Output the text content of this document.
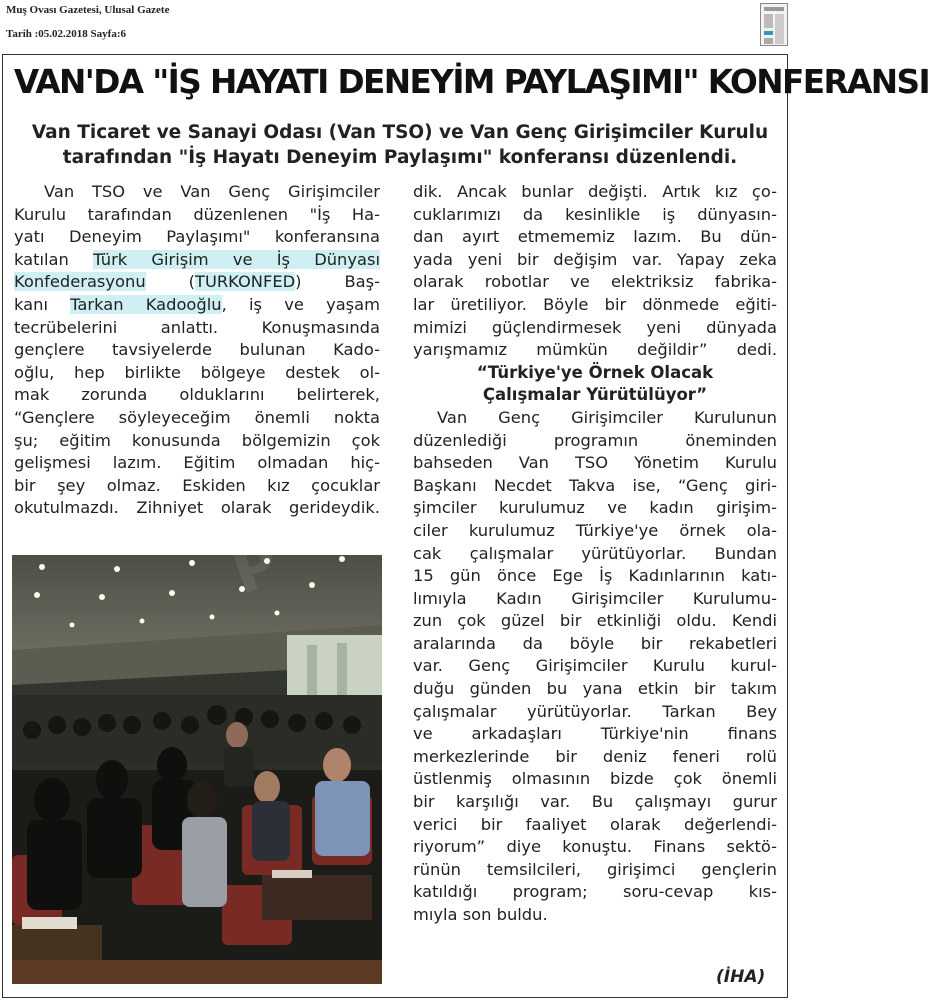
Muş Ovası Gazetesi, Ulusal Gazete
Tarih :05.02.2018 Sayfa:6
VAN'DA "İŞ HAYATI DENEYİM PAYLAŞIMI" KONFERANSI
Van Ticaret ve Sanayi Odası (Van TSO) ve Van Genç Girişimciler Kurulu
tarafından "İş Hayatı Deneyim Paylaşımı" konferansı düzenlendi.
Van TSO ve Van Genç Girişimciler
Kurulu tarafından düzenlenen "İş Ha-
yatı Deneyim Paylaşımı" konferansına
katılan Türk Girişim ve İş Dünyası
Konfederasyonu (TURKONFED) Baş-
kanı Tarkan Kadooğlu, iş ve yaşam
tecrübelerini anlattı. Konuşmasında
gençlere tavsiyelerde bulunan Kado-
oğlu, hep birlikte bölgeye destek ol-
mak zorunda olduklarını belirterek,
“Gençlere söyleyeceğim önemli nokta
şu; eğitim konusunda bölgemizin çok
gelişmesi lazım. Eğitim olmadan hiç-
bir şey olmaz. Eskiden kız çocuklar
okutulmazdı. Zihniyet olarak gerideydik.
P
dik. Ancak bunlar değişti. Artık kız ço-
cuklarımızı da kesinlikle iş dünyasın-
dan ayırt etmememiz lazım. Bu dün-
yada yeni bir değişim var. Yapay zeka
olarak robotlar ve elektriksiz fabrika-
lar üretiliyor. Böyle bir dönmede eğiti-
mimizi güçlendirmesek yeni dünyada
yarışmamız mümkün değildir” dedi.
“Türkiye'ye Örnek Olacak
Çalışmalar Yürütülüyor”
Van Genç Girişimciler Kurulunun
düzenlediği programın öneminden
bahseden Van TSO Yönetim Kurulu
Başkanı Necdet Takva ise, “Genç giri-
şimciler kurulumuz ve kadın girişim-
ciler kurulumuz Türkiye'ye örnek ola-
cak çalışmalar yürütüyorlar. Bundan
15 gün önce Ege İş Kadınlarının katı-
lımıyla Kadın Girişimciler Kurulumu-
zun çok güzel bir etkinliği oldu. Kendi
aralarında da böyle bir rekabetleri
var. Genç Girişimciler Kurulu kurul-
duğu günden bu yana etkin bir takım
çalışmalar yürütüyorlar. Tarkan Bey
ve arkadaşları Türkiye'nin finans
merkezlerinde bir deniz feneri rolü
üstlenmiş olmasının bizde çok önemli
bir karşılığı var. Bu çalışmayı gurur
verici bir faaliyet olarak değerlendi-
riyorum” diye konuştu. Finans sektö-
rünün temsilcileri, girişimci gençlerin
katıldığı program; soru-cevap kıs-
mıyla son buldu.
(İHA)
